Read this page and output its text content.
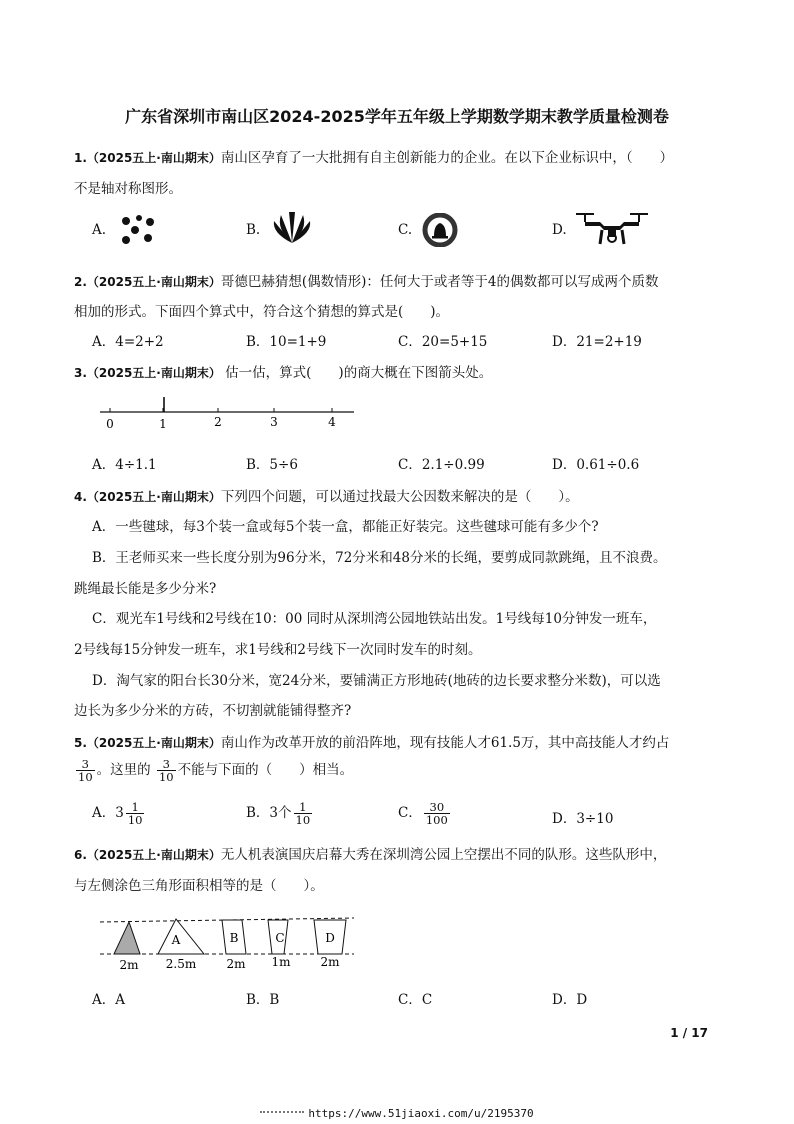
广东省深圳市南山区2024-2025学年五年级上学期数学期末教学质量检测卷
1.（2025五上·南山期末）南山区孕育了一大批拥有自主创新能力的企业。在以下企业标识中，（　　）
不是轴对称图形。
A.	B.	C.	D.
2.（2025五上·南山期末）哥德巴赫猜想(偶数情形)：任何大于或者等于4的偶数都可以写成两个质数
相加的形式。下面四个算式中，符合这个猜想的算式是(　　)。
A．4=2+2	B．10=1+9	C．20=5+15	D．21=2+19
3.（2025五上·南山期末） 估一估，算式(　　)的商大概在下图箭头处。
0	1	2	3	4
A．4÷1.1	B．5÷6	C．2.1÷0.99	D．0.61÷0.6
4.（2025五上·南山期末）下列四个问题，可以通过找最大公因数来解决的是（　　）。
A．一些毽球，每3个装一盒或每5个装一盒，都能正好装完。这些毽球可能有多少个?
B．王老师买来一些长度分别为96分米，72分米和48分米的长绳，要剪成同款跳绳，且不浪费。
跳绳最长能是多少分米?
C．观光车1号线和2号线在10：00 同时从深圳湾公园地铁站出发。1号线每10分钟发一班车，
2号线每15分钟发一班车，求1号线和2号线下一次同时发车的时刻。
D．淘气家的阳台长30分米，宽24分米，要铺满正方形地砖(地砖的边长要求整分米数)，可以选
边长为多少分米的方砖，不切割就能铺得整齐?
5.（2025五上·南山期末）南山作为改革开放的前沿阵地，现有技能人才61.5万，其中高技能人才约占
$\frac{3}{10}$ 。这里的 $\frac{3}{10}$ 不能与下面的（　　）相当。
A．$3 \frac{1}{10}$	B．3个 $\frac{1}{10}$	C． $\frac{30}{100}$	D．3÷10
6.（2025五上·南山期末）无人机表演国庆启幕大秀在深圳湾公园上空摆出不同的队形。这些队形中，
与左侧涂色三角形面积相等的是（　　）。
A	B	C	D
2m 2.5m	2m 1m 2m
A．A	B．B	C．C	D．D
1 / 17
https://www.51jiaoxi.com/u/2195370
